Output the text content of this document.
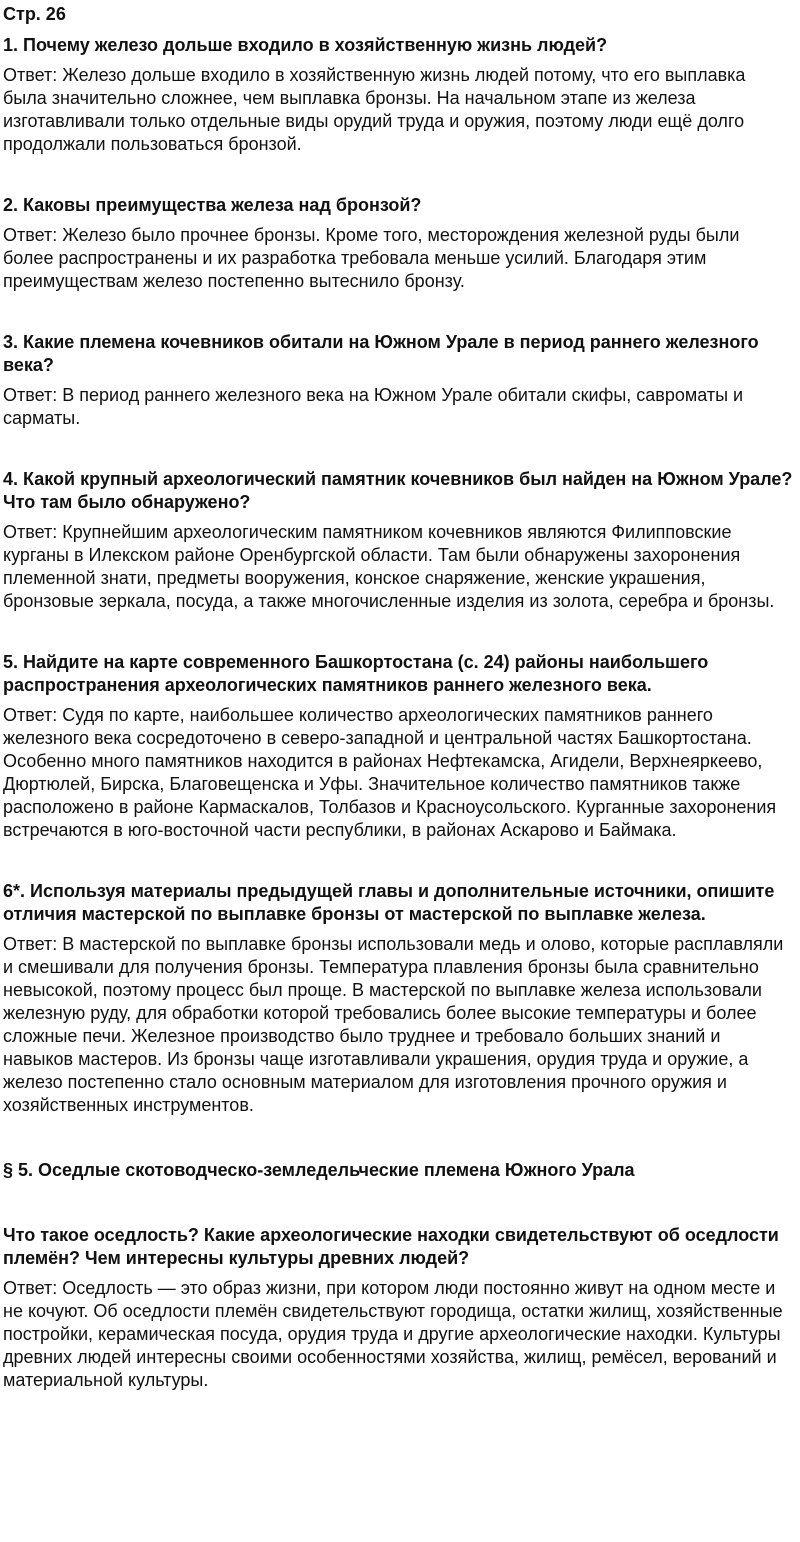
Стр. 26
1. Почему железо дольше входило в хозяйственную жизнь людей?
Ответ: Железо дольше входило в хозяйственную жизнь людей потому, что его выплавка была значительно сложнее, чем выплавка бронзы. На начальном этапе из железа изготавливали только отдельные виды орудий труда и оружия, поэтому люди ещё долго продолжали пользоваться бронзой.
2. Каковы преимущества железа над бронзой?
Ответ: Железо было прочнее бронзы. Кроме того, месторождения железной руды были более распространены и их разработка требовала меньше усилий. Благодаря этим преимуществам железо постепенно вытеснило бронзу.
3. Какие племена кочевников обитали на Южном Урале в период раннего железного века?
Ответ: В период раннего железного века на Южном Урале обитали скифы, савроматы и сарматы.
4. Какой крупный археологический памятник кочевников был найден на Южном Урале? Что там было обнаружено?
Ответ: Крупнейшим археологическим памятником кочевников являются Филипповские курганы в Илекском районе Оренбургской области. Там были обнаружены захоронения племенной знати, предметы вооружения, конское снаряжение, женские украшения, бронзовые зеркала, посуда, а также многочисленные изделия из золота, серебра и бронзы.
5. Найдите на карте современного Башкортостана (с. 24) районы наибольшего распространения археологических памятников раннего железного века.
Ответ: Судя по карте, наибольшее количество археологических памятников раннего железного века сосредоточено в северо-западной и центральной частях Башкортостана. Особенно много памятников находится в районах Нефтекамска, Агидели, Верхнеяркеево, Дюртюлей, Бирска, Благовещенска и Уфы. Значительное количество памятников также расположено в районе Кармаскалов, Толбазов и Красноусольского. Курганные захоронения встречаются в юго-восточной части республики, в районах Аскарово и Баймака.
6*. Используя материалы предыдущей главы и дополнительные источники, опишите отличия мастерской по выплавке бронзы от мастерской по выплавке железа.
Ответ: В мастерской по выплавке бронзы использовали медь и олово, которые расплавляли и смешивали для получения бронзы. Температура плавления бронзы была сравнительно невысокой, поэтому процесс был проще. В мастерской по выплавке железа использовали железную руду, для обработки которой требовались более высокие температуры и более сложные печи. Железное производство было труднее и требовало больших знаний и навыков мастеров. Из бронзы чаще изготавливали украшения, орудия труда и оружие, а железо постепенно стало основным материалом для изготовления прочного оружия и хозяйственных инструментов.
§ 5. Оседлые скотоводческо-земледельческие племена Южного Урала
Что такое оседлость? Какие археологические находки свидетельствуют об оседлости племён? Чем интересны культуры древних людей?
Ответ: Оседлость — это образ жизни, при котором люди постоянно живут на одном месте и не кочуют. Об оседлости племён свидетельствуют городища, остатки жилищ, хозяйственные постройки, керамическая посуда, орудия труда и другие археологические находки. Культуры древних людей интересны своими особенностями хозяйства, жилищ, ремёсел, верований и материальной культуры.
